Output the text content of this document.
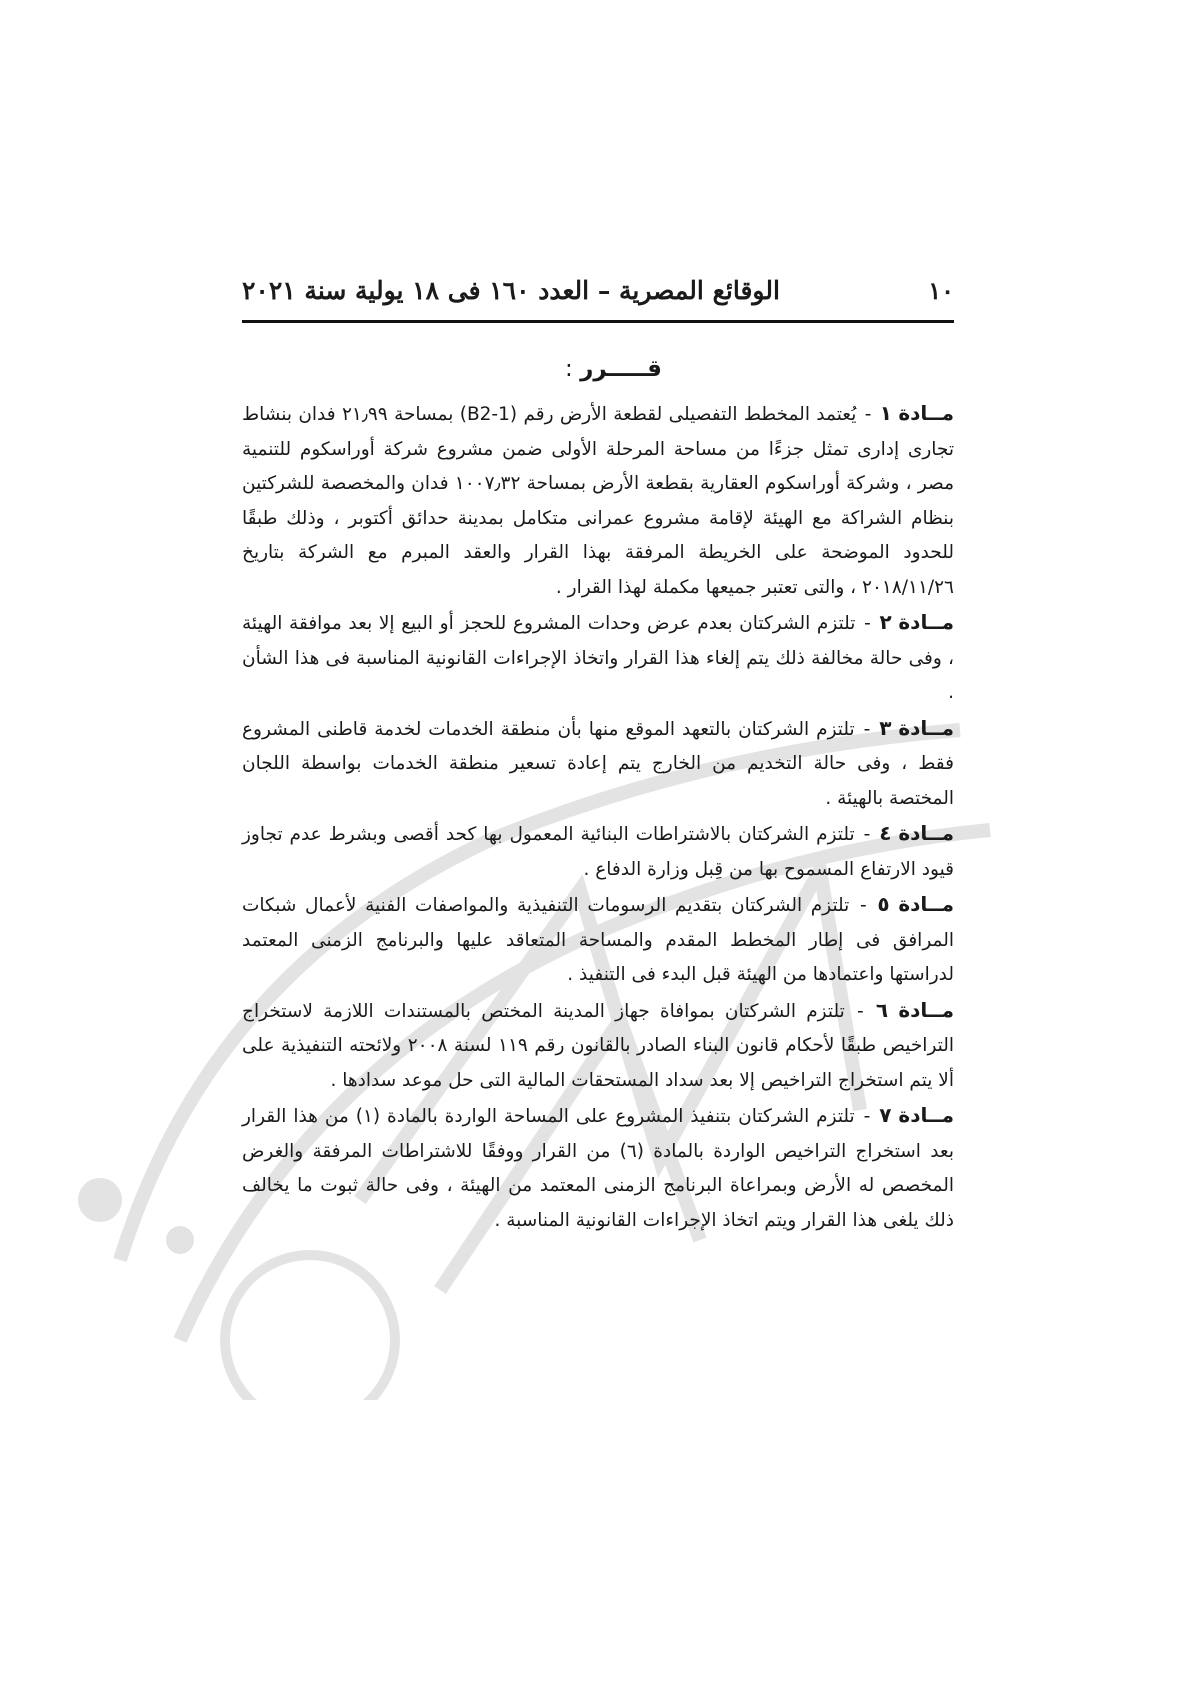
١٠
الوقائع المصرية – العدد ١٦٠ فى ١٨ يولية سنة ٢٠٢١
قـــــرر :

مــادة ١ - يُعتمد المخطط التفصيلى لقطعة الأرض رقم (B2-1) بمساحة ٢١٫٩٩ فدان بنشاط تجارى إدارى تمثل جزءًا من مساحة المرحلة الأولى ضمن مشروع شركة أوراسكوم للتنمية مصر ، وشركة أوراسكوم العقارية بقطعة الأرض بمساحة ١٠٠٧٫٣٢ فدان والمخصصة للشركتين بنظام الشراكة مع الهيئة لإقامة مشروع عمرانى متكامل بمدينة حدائق أكتوبر ، وذلك طبقًا للحدود الموضحة على الخريطة المرفقة بهذا القرار والعقد المبرم مع الشركة بتاريخ ٢٠١٨/١١/٢٦ ، والتى تعتبر جميعها مكملة لهذا القرار .

مــادة ٢ - تلتزم الشركتان بعدم عرض وحدات المشروع للحجز أو البيع إلا بعد موافقة الهيئة ، وفى حالة مخالفة ذلك يتم إلغاء هذا القرار واتخاذ الإجراءات القانونية المناسبة فى هذا الشأن .

مــادة ٣ - تلتزم الشركتان بالتعهد الموقع منها بأن منطقة الخدمات لخدمة قاطنى المشروع فقط ، وفى حالة التخديم من الخارج يتم إعادة تسعير منطقة الخدمات بواسطة اللجان المختصة بالهيئة .

مــادة ٤ - تلتزم الشركتان بالاشتراطات البنائية المعمول بها كحد أقصى وبشرط عدم تجاوز قيود الارتفاع المسموح بها من قِبل وزارة الدفاع .

مــادة ٥ - تلتزم الشركتان بتقديم الرسومات التنفيذية والمواصفات الفنية لأعمال شبكات المرافق فى إطار المخطط المقدم والمساحة المتعاقد عليها والبرنامج الزمنى المعتمد لدراستها واعتمادها من الهيئة قبل البدء فى التنفيذ .

مــادة ٦ - تلتزم الشركتان بموافاة جهاز المدينة المختص بالمستندات اللازمة لاستخراج التراخيص طبقًا لأحكام قانون البناء الصادر بالقانون رقم ١١٩ لسنة ٢٠٠٨ ولائحته التنفيذية على ألا يتم استخراج التراخيص إلا بعد سداد المستحقات المالية التى حل موعد سدادها .

مــادة ٧ - تلتزم الشركتان بتنفيذ المشروع على المساحة الواردة بالمادة (١) من هذا القرار بعد استخراج التراخيص الواردة بالمادة (٦) من القرار ووفقًا للاشتراطات المرفقة والغرض المخصص له الأرض وبمراعاة البرنامج الزمنى المعتمد من الهيئة ، وفى حالة ثبوت ما يخالف ذلك يلغى هذا القرار ويتم اتخاذ الإجراءات القانونية المناسبة .
